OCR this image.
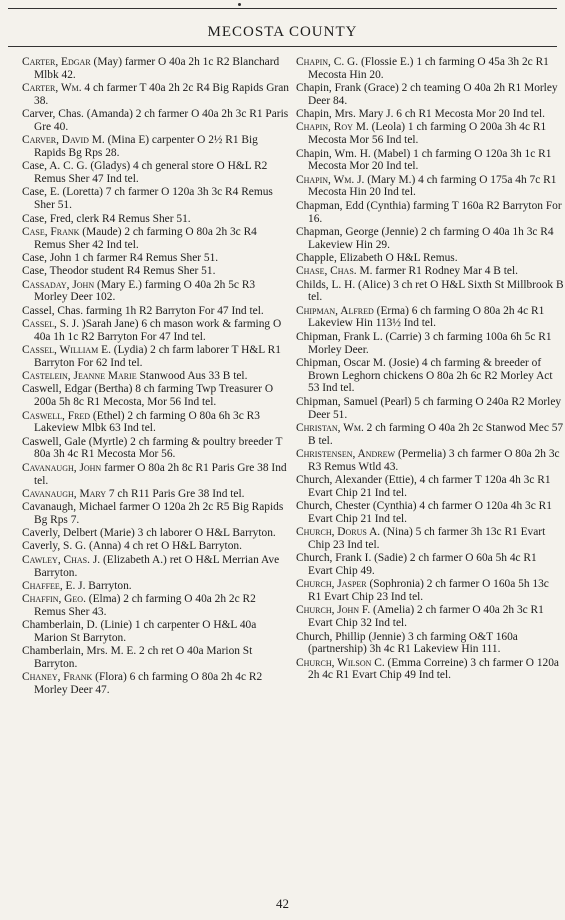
MECOSTA COUNTY

Carter, Edgar (May) farmer O 40a 2h 1c R2 Blanchard Mlbk 42.

Carter, Wm. 4 ch farmer T 40a 2h 2c R4 Big Rapids Gran 38.

Carver, Chas. (Amanda) 2 ch farmer O 40a 2h 3c R1 Paris Gre 40.

Carver, David M. (Mina E) carpenter O 2½ R1 Big Rapids Bg Rps 28.

Case, A. C. G. (Gladys) 4 ch general store O H&L R2 Remus Sher 47 Ind tel.

Case, E. (Loretta) 7 ch farmer O 120a 3h 3c R4 Remus Sher 51.

Case, Fred, clerk R4 Remus Sher 51.

Case, Frank (Maude) 2 ch farming O 80a 2h 3c R4 Remus Sher 42 Ind tel.

Case, John 1 ch farmer R4 Remus Sher 51.

Case, Theodor student R4 Remus Sher 51.

Cassaday, John (Mary E.) farming O 40a 2h 5c R3 Morley Deer 102.

Cassel, Chas. farming 1h R2 Barryton For 47 Ind tel.

Cassel, S. J. )Sarah Jane) 6 ch mason work & farming O 40a 1h 1c R2 Barryton For 47 Ind tel.

Cassel, William E. (Lydia) 2 ch farm laborer T H&L R1 Barryton For 62 Ind tel.

Castelein, Jeanne Marie Stanwood Aus 33 B tel.

Caswell, Edgar (Bertha) 8 ch farming Twp Treasurer O 200a 5h 8c R1 Mecosta, Mor 56 Ind tel.

Caswell, Fred (Ethel) 2 ch farming O 80a 6h 3c R3 Lakeview Mlbk 63 Ind tel.

Caswell, Gale (Myrtle) 2 ch farming & poultry breeder T 80a 3h 4c R1 Mecosta Mor 56.

Cavanaugh, John farmer O 80a 2h 8c R1 Paris Gre 38 Ind tel.

Cavanaugh, Mary 7 ch R11 Paris Gre 38 Ind tel.

Cavanaugh, Michael farmer O 120a 2h 2c R5 Big Rapids Bg Rps 7.

Caverly, Delbert (Marie) 3 ch laborer O H&L Barryton.

Caverly, S. G. (Anna) 4 ch ret O H&L Barryton.

Cawley, Chas. J. (Elizabeth A.) ret O H&L Merrian Ave Barryton.

Chaffee, E. J. Barryton.

Chaffin, Geo. (Elma) 2 ch farming O 40a 2h 2c R2 Remus Sher 43.

Chamberlain, D. (Linie) 1 ch carpenter O H&L 40a Marion St Barryton.

Chamberlain, Mrs. M. E. 2 ch ret O 40a Marion St Barryton.

Chaney, Frank (Flora) 6 ch farming O 80a 2h 4c R2 Morley Deer 47.

Chapin, C. G. (Flossie E.) 1 ch farming O 45a 3h 2c R1 Mecosta Hin 20.

Chapin, Frank (Grace) 2 ch teaming O 40a 2h R1 Morley Deer 84.

Chapin, Mrs. Mary J. 6 ch R1 Mecosta Mor 20 Ind tel.

Chapin, Roy M. (Leola) 1 ch farming O 200a 3h 4c R1 Mecosta Mor 56 Ind tel.

Chapin, Wm. H. (Mabel) 1 ch farming O 120a 3h 1c R1 Mecosta Mor 20 Ind tel.

Chapin, Wm. J. (Mary M.) 4 ch farming O 175a 4h 7c R1 Mecosta Hin 20 Ind tel.

Chapman, Edd (Cynthia) farming T 160a R2 Barryton For 16.

Chapman, George (Jennie) 2 ch farming O 40a 1h 3c R4 Lakeview Hin 29.

Chapple, Elizabeth O H&L Remus.

Chase, Chas. M. farmer R1 Rodney Mar 4 B tel.

Childs, L. H. (Alice) 3 ch ret O H&L Sixth St Millbrook B tel.

Chipman, Alfred (Erma) 6 ch farming O 80a 2h 4c R1 Lakeview Hin 113½ Ind tel.

Chipman, Frank L. (Carrie) 3 ch farming 100a 6h 5c R1 Morley Deer.

Chipman, Oscar M. (Josie) 4 ch farming & breeder of Brown Leghorn chickens O 80a 2h 6c R2 Morley Act 53 Ind tel.

Chipman, Samuel (Pearl) 5 ch farming O 240a R2 Morley Deer 51.

Christan, Wm. 2 ch farming O 40a 2h 2c Stanwod Mec 57 B tel.

Christensen, Andrew (Permelia) 3 ch farmer O 80a 2h 3c R3 Remus Wtld 43.

Church, Alexander (Ettie), 4 ch farmer T 120a 4h 3c R1 Evart Chip 21 Ind tel.

Church, Chester (Cynthia) 4 ch farmer O 120a 4h 3c R1 Evart Chip 21 Ind tel.

Church, Dorus A. (Nina) 5 ch farmer 3h 13c R1 Evart Chip 23 Ind tel.

Church, Frank I. (Sadie) 2 ch farmer O 60a 5h 4c R1 Evart Chip 49.

Church, Jasper (Sophronia) 2 ch farmer O 160a 5h 13c R1 Evart Chip 23 Ind tel.

Church, John F. (Amelia) 2 ch farmer O 40a 2h 3c R1 Evart Chip 32 Ind tel.

Church, Phillip (Jennie) 3 ch farming O&T 160a (partnership) 3h 4c R1 Lakeview Hin 111.

Church, Wilson C. (Emma Correine) 3 ch farmer O 120a 2h 4c R1 Evart Chip 49 Ind tel.

42
